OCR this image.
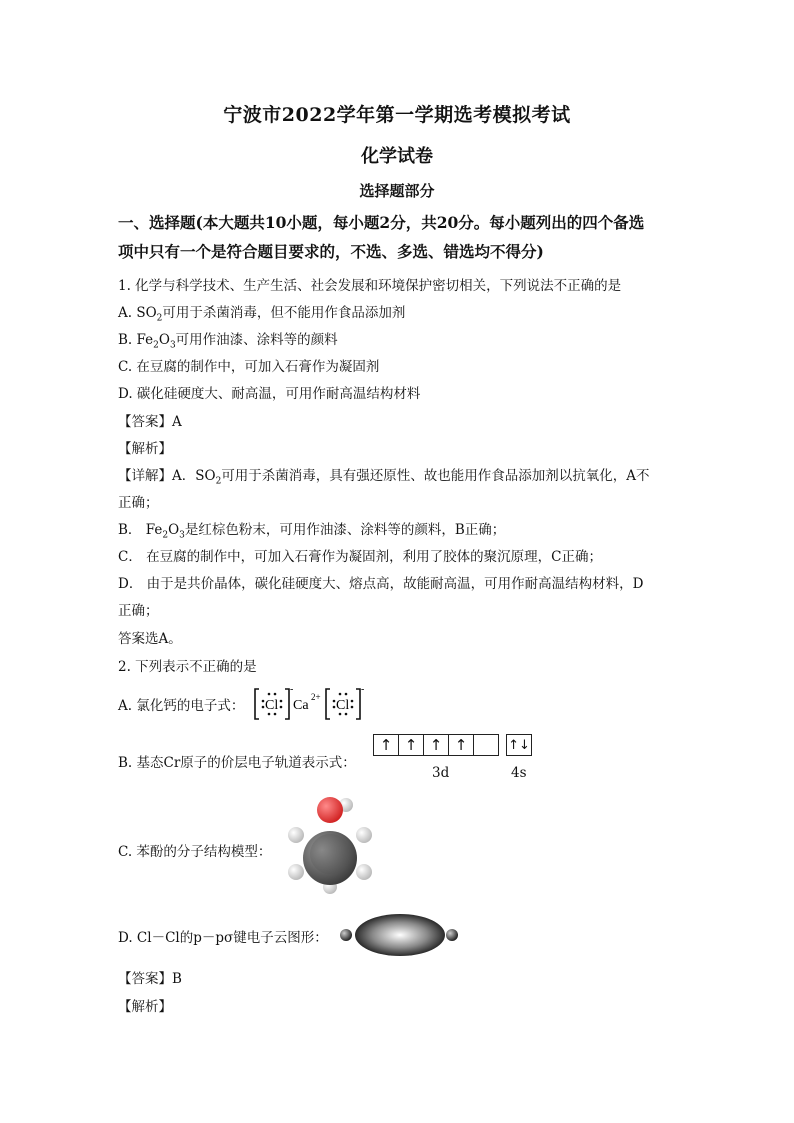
宁波市2022学年第一学期选考模拟考试
化学试卷
选择题部分
一、选择题(本大题共10小题，每小题2分，共20分。每小题列出的四个备选
项中只有一个是符合题目要求的，不选、多选、错选均不得分)
1. 化学与科学技术、生产生活、社会发展和环境保护密切相关，下列说法不正确的是
A. $SO_2$可用于杀菌消毒，但不能用作食品添加剂
B. $Fe_2O_3$可用作油漆、涂料等的颜料
C. 在豆腐的制作中，可加入石膏作为凝固剂
D. 碳化硅硬度大、耐高温，可用作耐高温结构材料
【答案】A
【解析】
【详解】A．$SO_2$可用于杀菌消毒，具有强还原性、故也能用作食品添加剂以抗氧化，A不
正确；
B． $Fe_2O_3$是红棕色粉末，可用作油漆、涂料等的颜料，B正确；
C． 在豆腐的制作中，可加入石膏作为凝固剂，利用了胶体的聚沉原理，C正确；
D． 由于是共价晶体，碳化硅硬度大、熔点高，故能耐高温，可用作耐高温结构材料，D
正确；
答案选A。
2. 下列表示不正确的是
A. 氯化钙的电子式： Cl
-
Ca
2+
Cl
-
B. 基态Cr原子的价层电子轨道表示式：
↑ ↑ ↑ ↑	↑↓
3d	4s
C. 苯酚的分子结构模型：
D. Cl－Cl的p－pσ键电子云图形：
【答案】B
【解析】
